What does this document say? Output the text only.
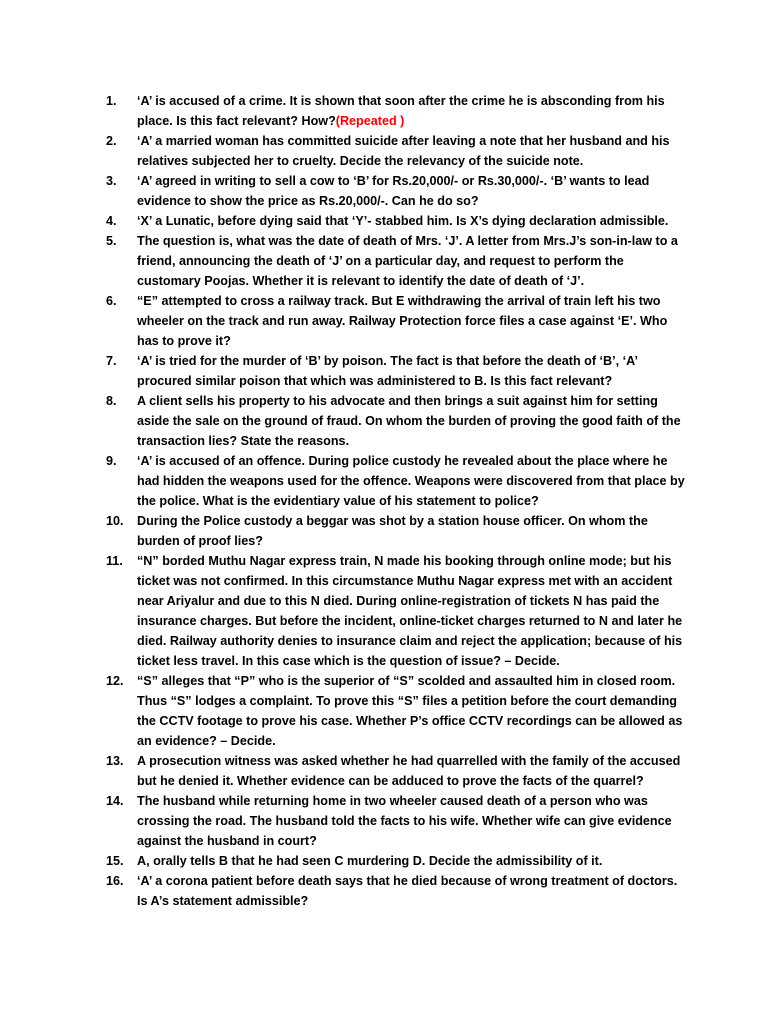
1. ‘A’ is accused of a crime. It is shown that soon after the crime he is absconding from his place. Is this fact relevant? How?(Repeated )
2. ‘A’ a married woman has committed suicide after leaving a note that her husband and his relatives subjected her to cruelty. Decide the relevancy of the suicide note.
3. ‘A’ agreed in writing to sell a cow to ‘B’ for Rs.20,000/- or Rs.30,000/-. ‘B’ wants to lead evidence to show the price as Rs.20,000/-. Can he do so?
4. ‘X’ a Lunatic, before dying said that ‘Y’- stabbed him. Is X’s dying declaration admissible.
5. The question is, what was the date of death of Mrs. ‘J’. A letter from Mrs.J’s son-in-law to a friend, announcing the death of ‘J’ on a particular day, and request to perform the customary Poojas. Whether it is relevant to identify the date of death of ‘J’.
6. “E” attempted to cross a railway track. But E withdrawing the arrival of train left his two wheeler on the track and run away. Railway Protection force files a case against ‘E’. Who has to prove it?
7. ‘A’ is tried for the murder of ‘B’ by poison. The fact is that before the death of ‘B’, ‘A’ procured similar poison that which was administered to B. Is this fact relevant?
8. A client sells his property to his advocate and then brings a suit against him for setting aside the sale on the ground of fraud. On whom the burden of proving the good faith of the transaction lies? State the reasons.
9. ‘A’ is accused of an offence. During police custody he revealed about the place where he had hidden the weapons used for the offence. Weapons were discovered from that place by the police. What is the evidentiary value of his statement to police?
10. During the Police custody a beggar was shot by a station house officer. On whom the burden of proof lies?
11. “N” borded Muthu Nagar express train, N made his booking through online mode; but his ticket was not confirmed. In this circumstance Muthu Nagar express met with an accident near Ariyalur and due to this N died. During online-registration of tickets N has paid the insurance charges. But before the incident, online-ticket charges returned to N and later he died. Railway authority denies to insurance claim and reject the application; because of his ticket less travel. In this case which is the question of issue? – Decide.
12. “S” alleges that “P” who is the superior of “S” scolded and assaulted him in closed room. Thus “S” lodges a complaint. To prove this “S” files a petition before the court demanding the CCTV footage to prove his case. Whether P’s office CCTV recordings can be allowed as an evidence? – Decide.
13. A prosecution witness was asked whether he had quarrelled with the family of the accused but he denied it. Whether evidence can be adduced to prove the facts of the quarrel?
14. The husband while returning home in two wheeler caused death of a person who was crossing the road. The husband told the facts to his wife. Whether wife can give evidence against the husband in court?
15. A, orally tells B that he had seen C murdering D. Decide the admissibility of it.
16. ‘A’ a corona patient before death says that he died because of wrong treatment of doctors. Is A’s statement admissible?
